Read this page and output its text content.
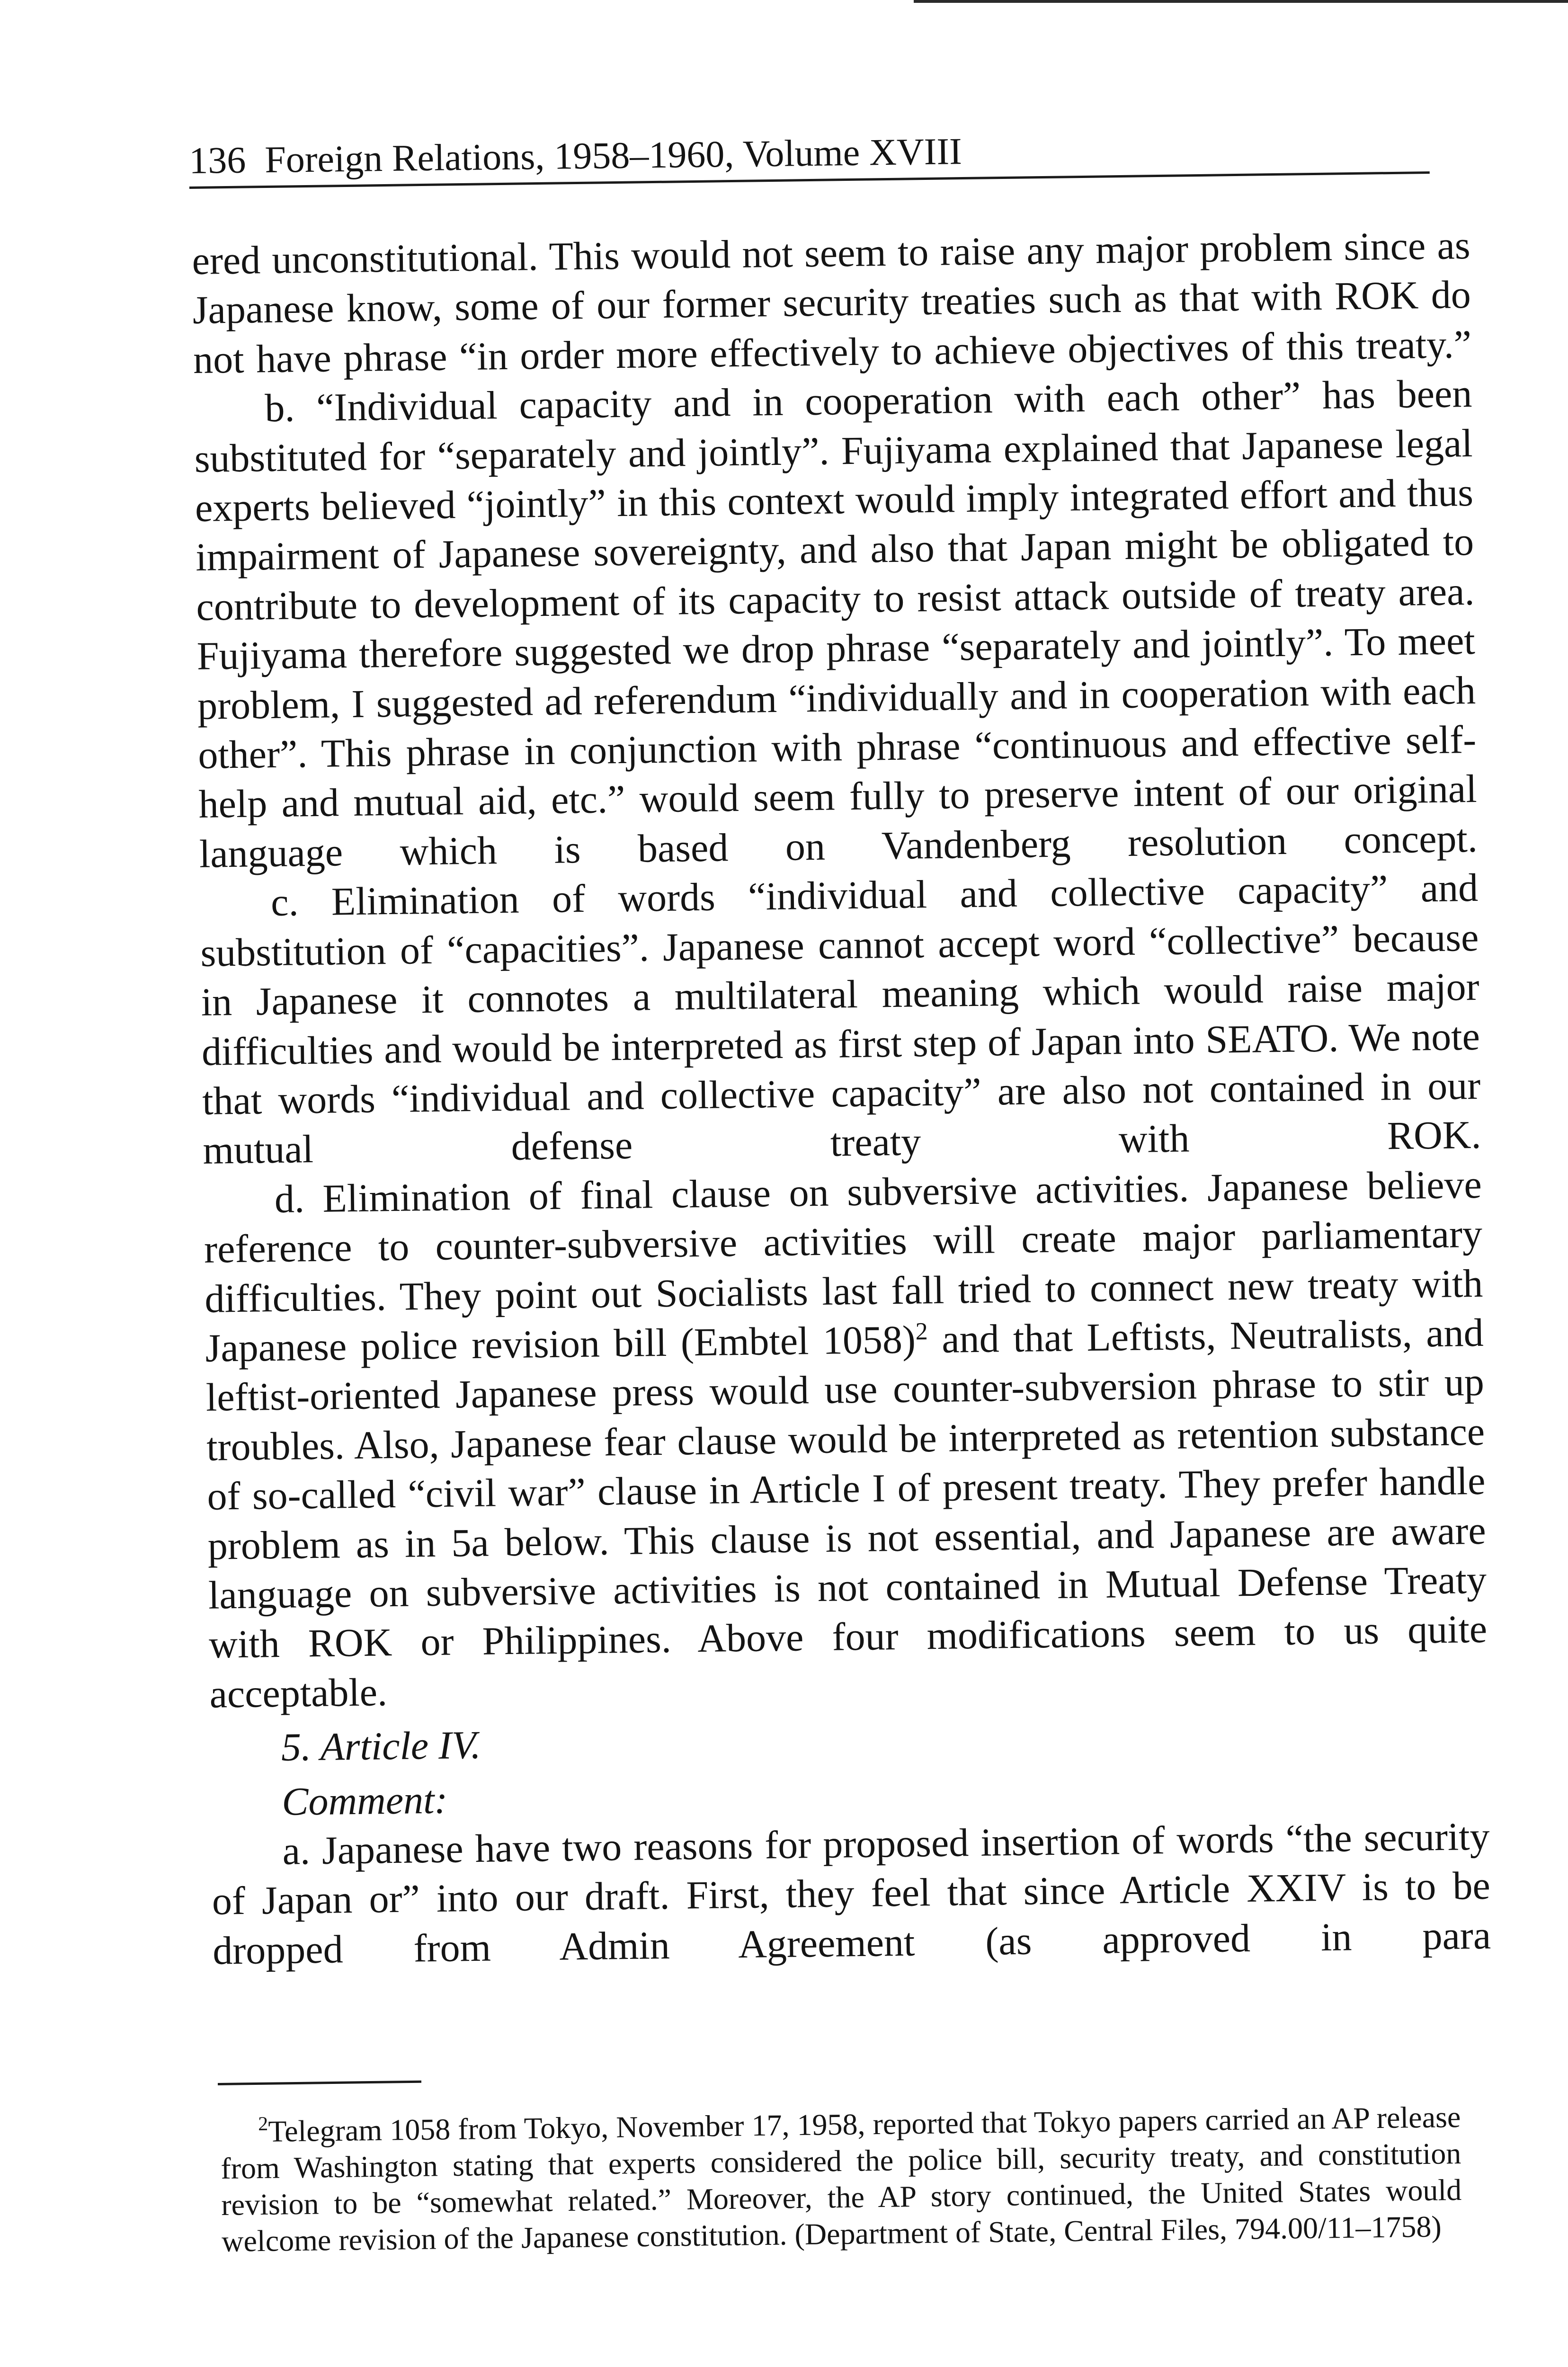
136 Foreign Relations, 1958–1960, Volume XVIII

ered unconstitutional. This would not seem to raise any major problem since as Japanese know, some of our former security treaties such as that with ROK do not have phrase “in order more effectively to achieve objectives of this treaty.”

b. “Individual capacity and in cooperation with each other” has been substituted for “separately and jointly”. Fujiyama explained that Japanese legal experts believed “jointly” in this context would imply integrated effort and thus impairment of Japanese sovereignty, and also that Japan might be obligated to contribute to development of its capacity to resist attack outside of treaty area. Fujiyama therefore suggested we drop phrase “separately and jointly”. To meet problem, I suggested ad referendum “individually and in cooperation with each other”. This phrase in conjunction with phrase “continuous and effective self-help and mutual aid, etc.” would seem fully to preserve intent of our original language which is based on Vandenberg resolution concept.

c. Elimination of words “individual and collective capacity” and substitution of “capacities”. Japanese cannot accept word “collective” because in Japanese it connotes a multilateral meaning which would raise major difficulties and would be interpreted as first step of Japan into SEATO. We note that words “individual and collective capacity” are also not contained in our mutual defense treaty with ROK.

d. Elimination of final clause on subversive activities. Japanese believe reference to counter-subversive activities will create major parliamentary difficulties. They point out Socialists last fall tried to connect new treaty with Japanese police revision bill (Embtel 1058)$^2$ and that Leftists, Neutralists, and leftist-oriented Japanese press would use counter-subversion phrase to stir up troubles. Also, Japanese fear clause would be interpreted as retention substance of so-called “civil war” clause in Article I of present treaty. They prefer handle problem as in 5a below. This clause is not essential, and Japanese are aware language on subversive activities is not contained in Mutual Defense Treaty with ROK or Philippines. Above four modifications seem to us quite acceptable.

5. Article IV.

Comment:

a. Japanese have two reasons for proposed insertion of words “the security of Japan or” into our draft. First, they feel that since Article XXIV is to be dropped from Admin Agreement (as approved in para

$^2$Telegram 1058 from Tokyo, November 17, 1958, reported that Tokyo papers carried an AP release from Washington stating that experts considered the police bill, security treaty, and constitution revision to be “somewhat related.” Moreover, the AP story continued, the United States would welcome revision of the Japanese constitution. (Department of State, Central Files, 794.00/11–1758)
